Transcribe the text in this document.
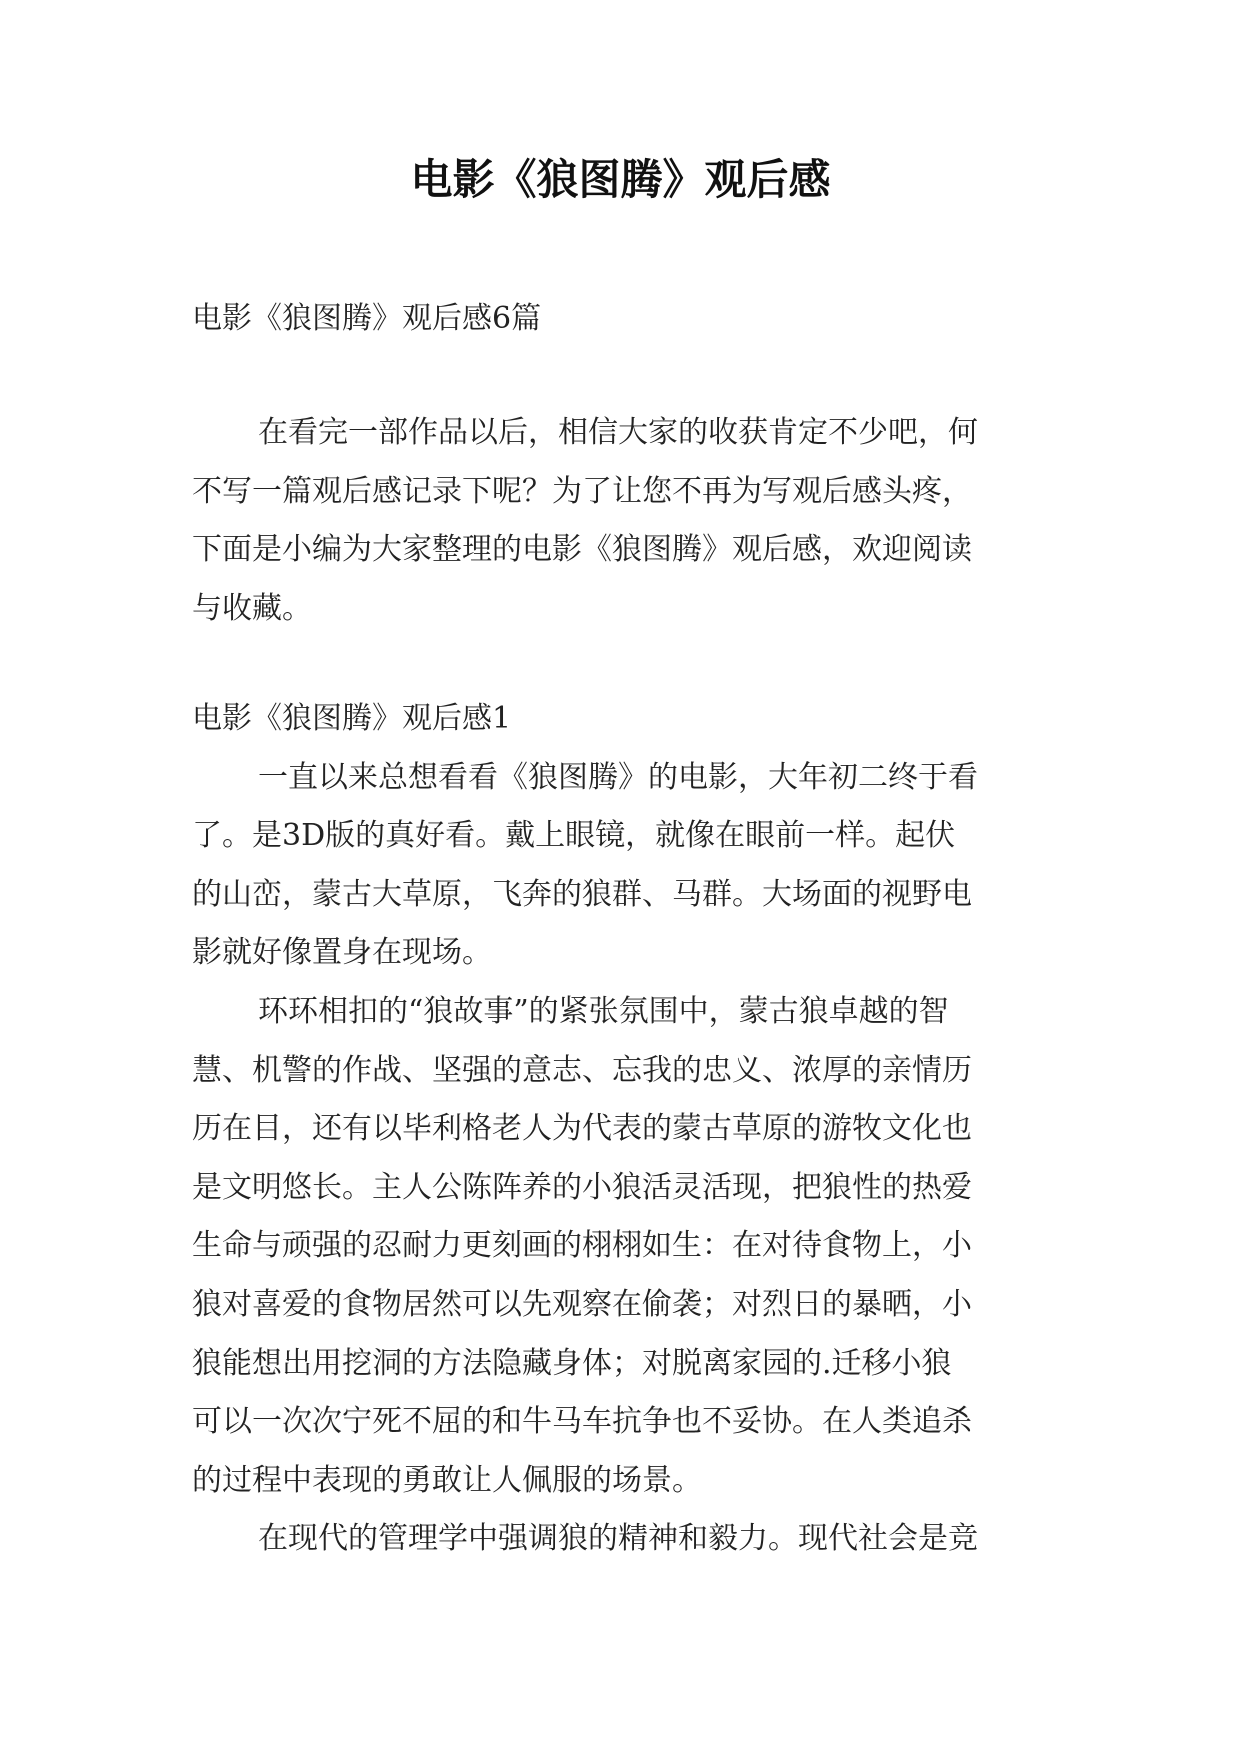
电影《狼图腾》观后感
电影《狼图腾》观后感6篇
在看完一部作品以后，相信大家的收获肯定不少吧，何
不写一篇观后感记录下呢？为了让您不再为写观后感头疼，
下面是小编为大家整理的电影《狼图腾》观后感，欢迎阅读
与收藏。
电影《狼图腾》观后感1
一直以来总想看看《狼图腾》的电影，大年初二终于看
了。是3D版的真好看。戴上眼镜，就像在眼前一样。起伏
的山峦，蒙古大草原，飞奔的狼群、马群。大场面的视野电
影就好像置身在现场。
环环相扣的“狼故事”的紧张氛围中，蒙古狼卓越的智
慧、机警的作战、坚强的意志、忘我的忠义、浓厚的亲情历
历在目，还有以毕利格老人为代表的蒙古草原的游牧文化也
是文明悠长。主人公陈阵养的小狼活灵活现，把狼性的热爱
生命与顽强的忍耐力更刻画的栩栩如生：在对待食物上，小
狼对喜爱的食物居然可以先观察在偷袭；对烈日的暴晒，小
狼能想出用挖洞的方法隐藏身体；对脱离家园的.迁移小狼
可以一次次宁死不屈的和牛马车抗争也不妥协。在人类追杀
的过程中表现的勇敢让人佩服的场景。
在现代的管理学中强调狼的精神和毅力。现代社会是竞
